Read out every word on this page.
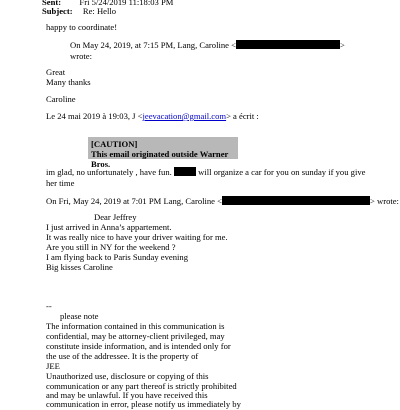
Sent: Fri 5/24/2019 11:18:03 PM
Subject: Re: Hello
happy to coordinate!
On May 24, 2019, at 7:15 PM, Lang, Caroline <	>
wrote:
Great
Many thanks
Caroline
Le 24 mai 2019 à 19:03, J <jeevacation@gmail.com> a écrit :
[CAUTION]
This email originated outside Warner Bros.
im glad, no unfortunately , have fun.	will organize a car for you on sunday if you give
her time
On Fri, May 24, 2019 at 7:01 PM Lang, Caroline <	> wrote:
Dear Jeffrey
I just arrived in Anna’s appartement.
It was really nice to have your driver waiting for me.
Are you still in NY for the weekend ?
I am flying back to Paris Sunday evening
Big kisses Caroline
--
please note
The information contained in this communication is
confidential, may be attorney-client privileged, may
constitute inside information, and is intended only for
the use of the addressee. It is the property of
JEE
Unauthorized use, disclosure or copying of this
communication or any part thereof is strictly prohibited
and may be unlawful. If you have received this
communication in error, please notify us immediately by
